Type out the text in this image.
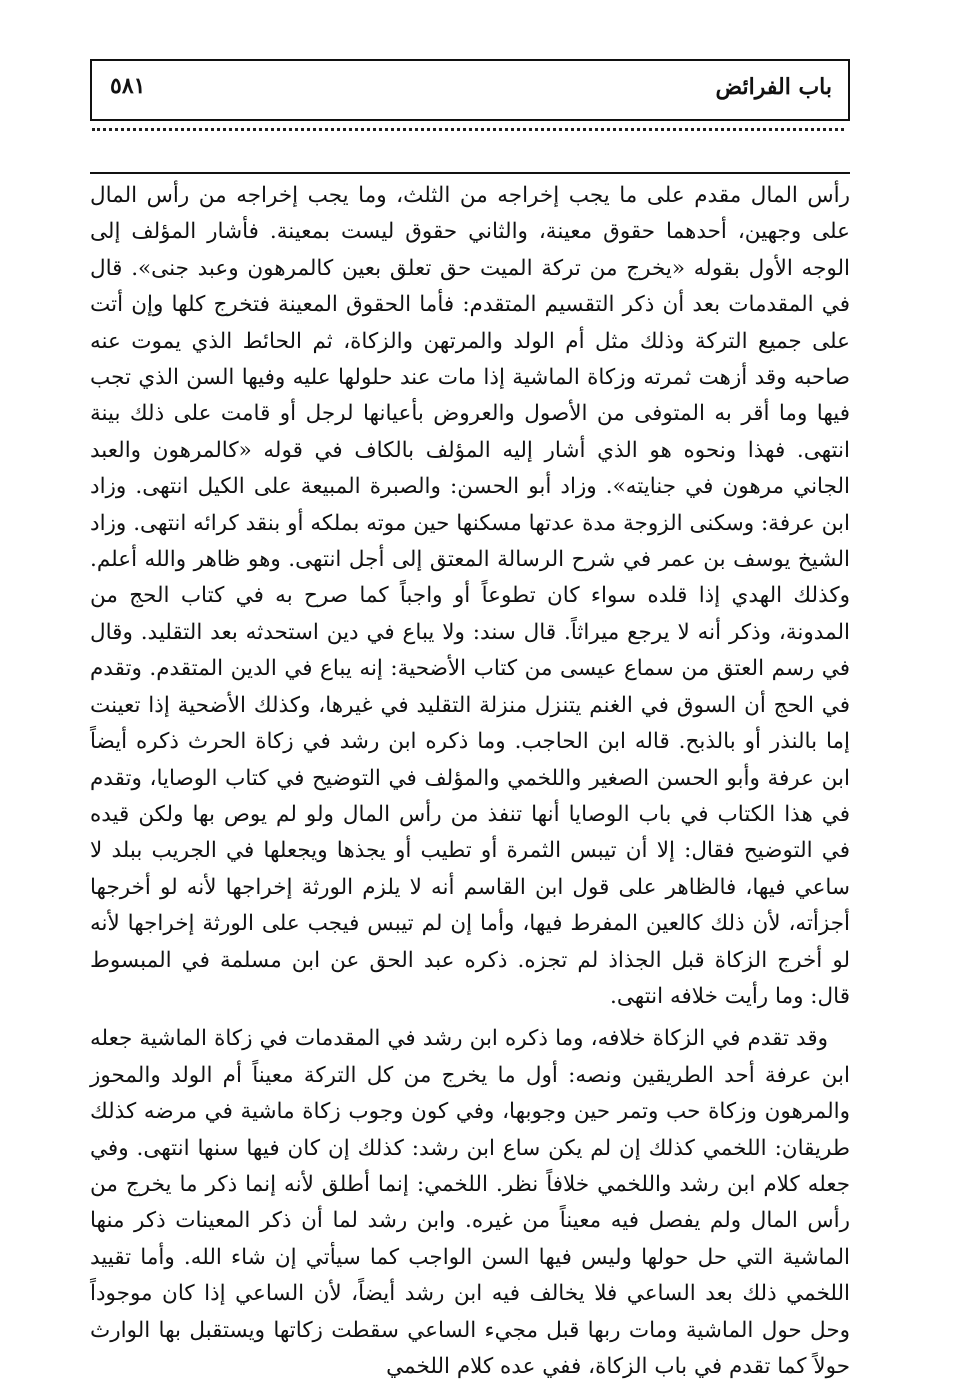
باب الفرائض
٥٨١

رأس المال مقدم على ما يجب إخراجه من الثلث، وما يجب إخراجه من رأس المال على وجهين، أحدهما حقوق معينة، والثاني حقوق ليست بمعينة. فأشار المؤلف إلى الوجه الأول بقوله «يخرج من تركة الميت حق تعلق بعين كالمرهون وعبد جنى». قال في المقدمات بعد أن ذكر التقسيم المتقدم: فأما الحقوق المعينة فتخرج كلها وإن أتت على جميع التركة وذلك مثل أم الولد والمرتهن والزكاة، ثم الحائط الذي يموت عنه صاحبه وقد أزهت ثمرته وزكاة الماشية إذا مات عند حلولها عليه وفيها السن الذي تجب فيها وما أقر به المتوفى من الأصول والعروض بأعيانها لرجل أو قامت على ذلك بينة انتهى. فهذا ونحوه هو الذي أشار إليه المؤلف بالكاف في قوله «كالمرهون والعبد الجاني مرهون في جنايته». وزاد أبو الحسن: والصبرة المبيعة على الكيل انتهى. وزاد ابن عرفة: وسكنى الزوجة مدة عدتها مسكنها حين موته بملكه أو بنقد كرائه انتهى. وزاد الشيخ يوسف بن عمر في شرح الرسالة المعتق إلى أجل انتهى. وهو ظاهر والله أعلم. وكذلك الهدي إذا قلده سواء كان تطوعاً أو واجباً كما صرح به في كتاب الحج من المدونة، وذكر أنه لا يرجع ميراثاً. قال سند: ولا يباع في دين استحدثه بعد التقليد. وقال في رسم العتق من سماع عيسى من كتاب الأضحية: إنه يباع في الدين المتقدم. وتقدم في الحج أن السوق في الغنم يتنزل منزلة التقليد في غيرها، وكذلك الأضحية إذا تعينت إما بالنذر أو بالذبح. قاله ابن الحاجب. وما ذكره ابن رشد في زكاة الحرث ذكره أيضاً ابن عرفة وأبو الحسن الصغير واللخمي والمؤلف في التوضيح في كتاب الوصايا، وتقدم في هذا الكتاب في باب الوصايا أنها تنفذ من رأس المال ولو لم يوص بها ولكن قيده في التوضيح فقال: إلا أن تيبس الثمرة أو تطيب أو يجذها ويجعلها في الجريب ببلد لا ساعي فيها، فالظاهر على قول ابن القاسم أنه لا يلزم الورثة إخراجها لأنه لو أخرجها أجزأته، لأن ذلك كالعين المفرط فيها، وأما إن لم تيبس فيجب على الورثة إخراجها لأنه لو أخرج الزكاة قبل الجذاذ لم تجزه. ذكره عبد الحق عن ابن مسلمة في المبسوط قال: وما رأيت خلافه انتهى.

وقد تقدم في الزكاة خلافه، وما ذكره ابن رشد في المقدمات في زكاة الماشية جعله ابن عرفة أحد الطريقين ونصه: أول ما يخرج من كل التركة معيناً أم الولد والمحوز والمرهون وزكاة حب وتمر حين وجوبها، وفي كون وجوب زكاة ماشية في مرضه كذلك طريقان: اللخمي كذلك إن لم يكن ساع ابن رشد: كذلك إن كان فيها سنها انتهى. وفي جعله كلام ابن رشد واللخمي خلافاً نظر. اللخمي: إنما أطلق لأنه إنما ذكر ما يخرج من رأس المال ولم يفصل فيه معيناً من غيره. وابن رشد لما أن ذكر المعينات ذكر منها الماشية التي حل حولها وليس فيها السن الواجب كما سيأتي إن شاء الله. وأما تقييد اللخمي ذلك بعد الساعي فلا يخالف فيه ابن رشد أيضاً، لأن الساعي إذا كان موجوداً وحل حول الماشية ومات ربها قبل مجيء الساعي سقطت زكاتها ويستقبل بها الوارث حولاً كما تقدم في باب الزكاة، ففي عده كلام اللخمي
